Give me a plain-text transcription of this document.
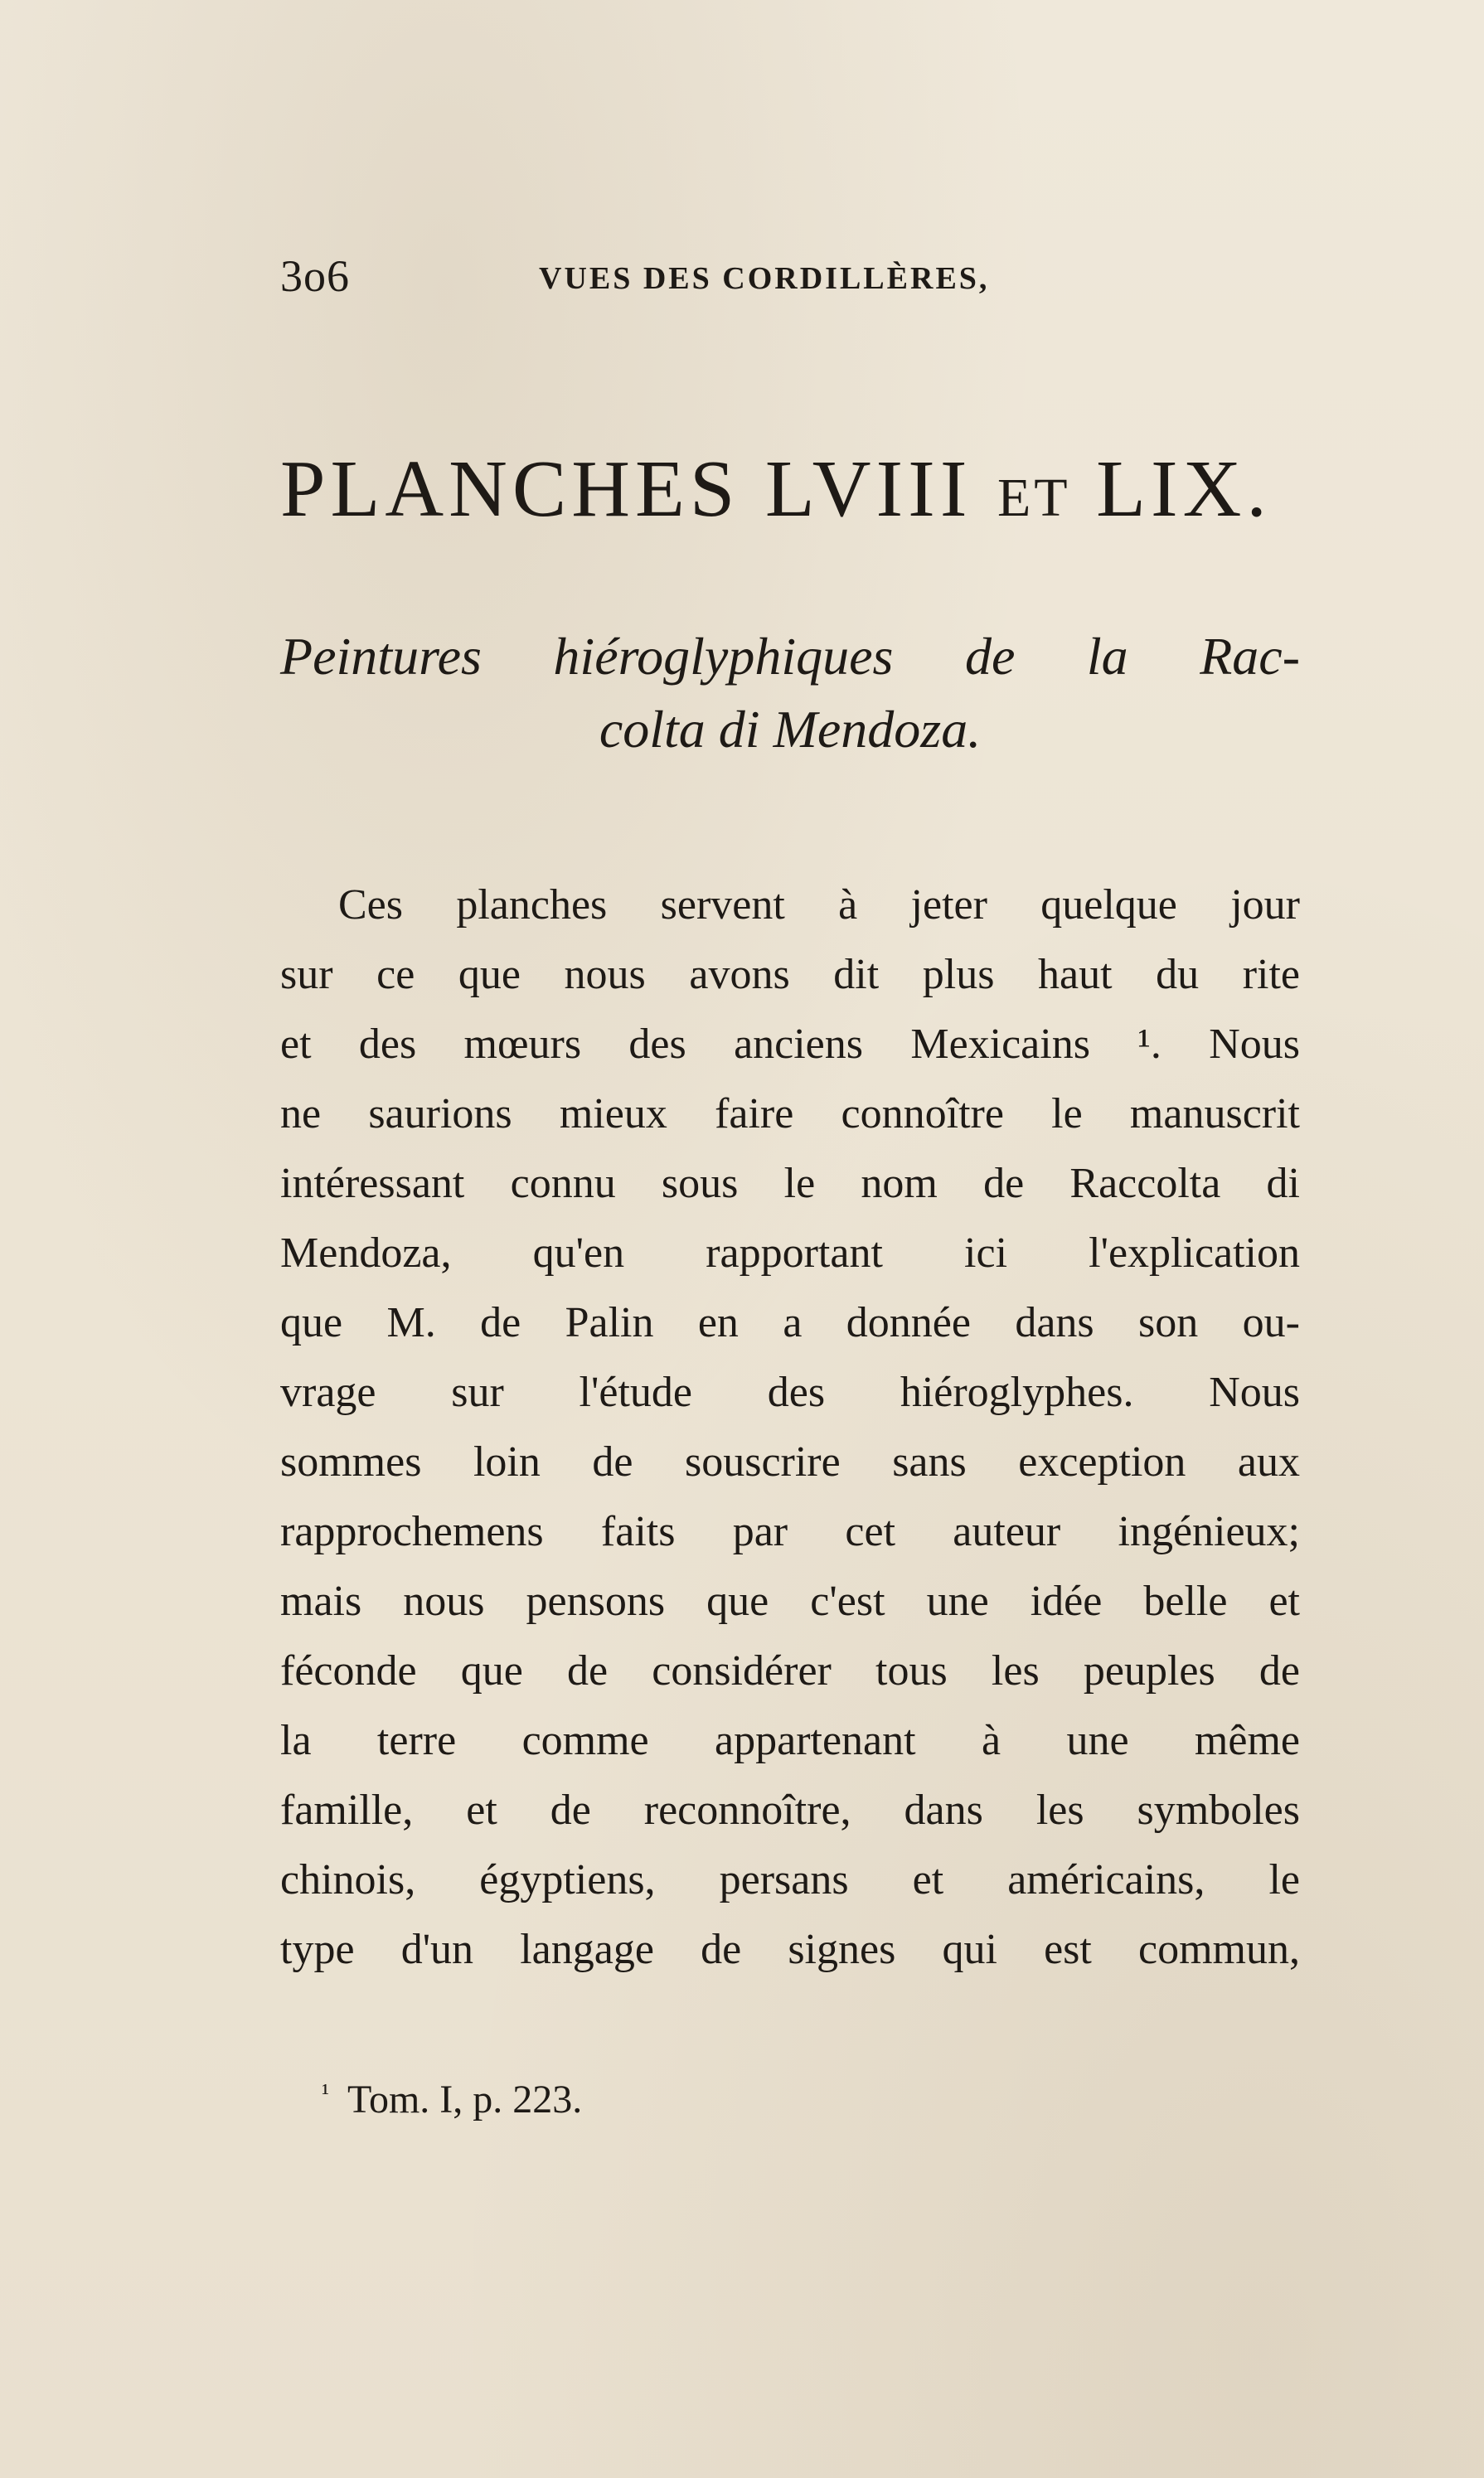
3o6	VUES DES CORDILLÈRES,
PLANCHES LVIII ET LIX.
Peintures hiéroglyphiques de la Rac-
colta di Mendoza.
Ces planches servent à jeter quelque jour
sur ce que nous avons dit plus haut du rite
et des mœurs des anciens Mexicains ¹. Nous
ne saurions mieux faire connoître le manuscrit
intéressant connu sous le nom de Raccolta di
Mendoza, qu'en rapportant ici l'explication
que M. de Palin en a donnée dans son ou-
vrage sur l'étude des hiéroglyphes. Nous
sommes loin de souscrire sans exception aux
rapprochemens faits par cet auteur ingénieux;
mais nous pensons que c'est une idée belle et
féconde que de considérer tous les peuples de
la terre comme appartenant à une même
famille, et de reconnoître, dans les symboles
chinois, égyptiens, persans et américains, le
type d'un langage de signes qui est commun,
$^{^1}$ Tom. I, p. 223.
